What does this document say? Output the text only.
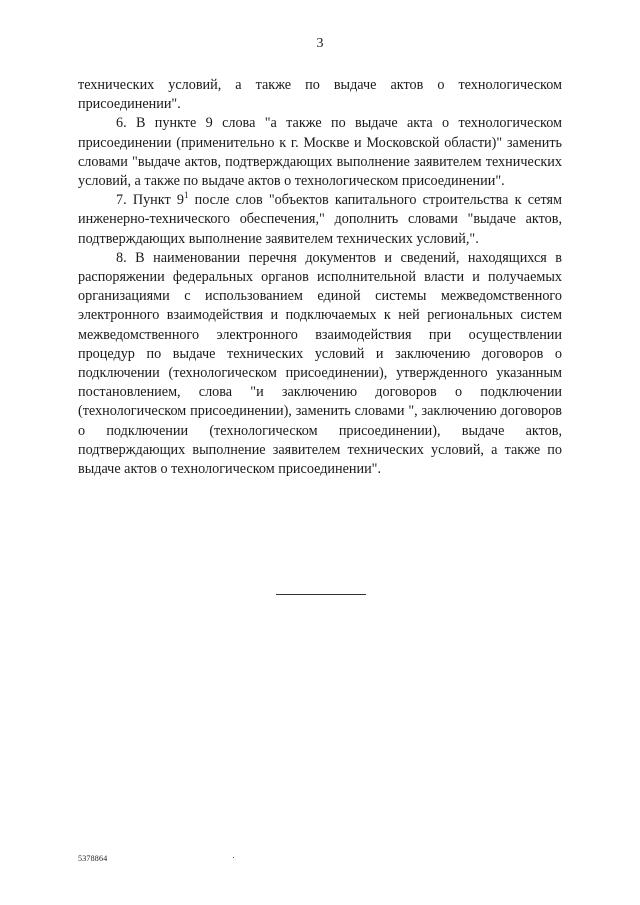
3

технических условий, а также по выдаче актов о технологическом присоединении".

6. В пункте 9 слова "а также по выдаче акта о технологическом присоединении (применительно к г. Москве и Московской области)" заменить словами "выдаче актов, подтверждающих выполнение заявителем технических условий, а также по выдаче актов о технологическом присоединении".

7. Пункт $9^1$ после слов "объектов капитального строительства к сетям инженерно-технического обеспечения," дополнить словами "выдаче актов, подтверждающих выполнение заявителем технических условий,".

8. В наименовании перечня документов и сведений, находящихся в распоряжении федеральных органов исполнительной власти и получаемых организациями с использованием единой системы межведомственного электронного взаимодействия и подключаемых к ней региональных систем межведомственного электронного взаимодействия при осуществлении процедур по выдаче технических условий и заключению договоров о подключении (технологическом присоединении), утвержденного указанным постановлением, слова "и заключению договоров о подключении (технологическом присоединении), заменить словами ", заключению договоров о подключении (технологическом присоединении), выдаче актов, подтверждающих выполнение заявителем технических условий, а также по выдаче актов о технологическом присоединении".

5378864
